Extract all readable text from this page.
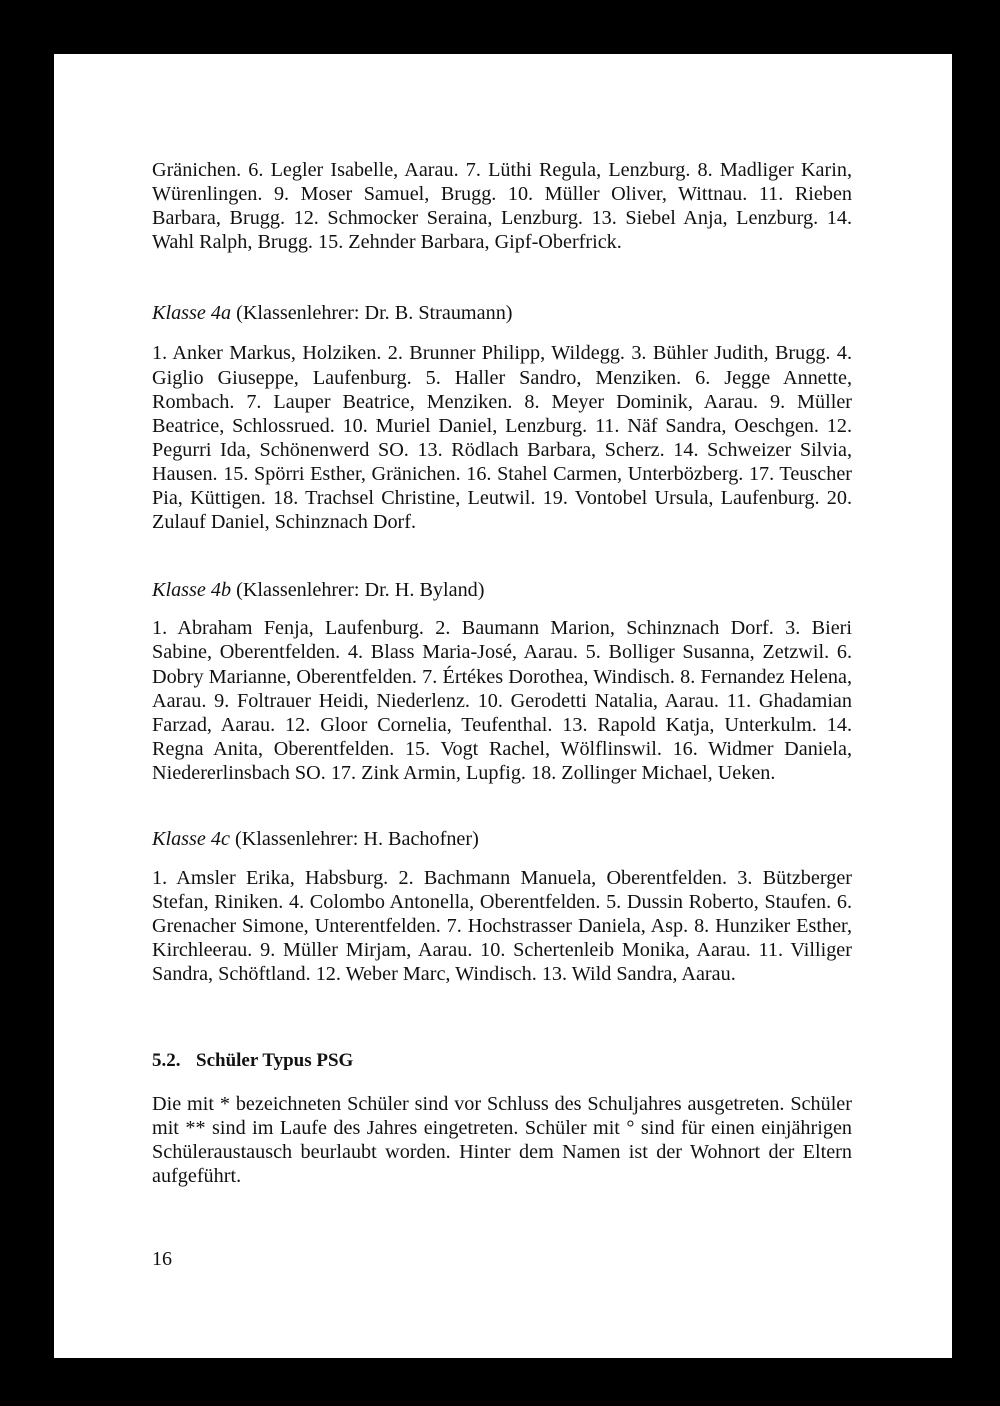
Gränichen. 6. Legler Isabelle, Aarau. 7. Lüthi Regula, Lenzburg. 8. Madliger Karin, Würenlingen. 9. Moser Samuel, Brugg. 10. Müller Oliver, Wittnau. 11. Rieben Barbara, Brugg. 12. Schmocker Seraina, Lenzburg. 13. Siebel Anja, Lenzburg. 14. Wahl Ralph, Brugg. 15. Zehnder Barbara, Gipf-Oberfrick.

Klasse 4a (Klassenlehrer: Dr. B. Straumann)

1. Anker Markus, Holziken. 2. Brunner Philipp, Wildegg. 3. Bühler Judith, Brugg. 4. Giglio Giuseppe, Laufenburg. 5. Haller Sandro, Menziken. 6. Jegge Annette, Rombach. 7. Lauper Beatrice, Menziken. 8. Meyer Dominik, Aarau. 9. Müller Beatrice, Schlossrued. 10. Muriel Daniel, Lenzburg. 11. Näf Sandra, Oeschgen. 12. Pegurri Ida, Schönenwerd SO. 13. Rödlach Barbara, Scherz. 14. Schweizer Silvia, Hausen. 15. Spörri Esther, Gränichen. 16. Stahel Carmen, Unterbözberg. 17. Teuscher Pia, Küttigen. 18. Trachsel Christine, Leutwil. 19. Vontobel Ursula, Laufenburg. 20. Zulauf Daniel, Schinznach Dorf.

Klasse 4b (Klassenlehrer: Dr. H. Byland)

1. Abraham Fenja, Laufenburg. 2. Baumann Marion, Schinznach Dorf. 3. Bieri Sabine, Oberentfelden. 4. Blass Maria-José, Aarau. 5. Bolliger Susanna, Zetzwil. 6. Dobry Marianne, Oberentfelden. 7. Értékes Dorothea, Windisch. 8. Fernandez Helena, Aarau. 9. Foltrauer Heidi, Niederlenz. 10. Gerodetti Natalia, Aarau. 11. Ghadamian Farzad, Aarau. 12. Gloor Cornelia, Teufenthal. 13. Rapold Katja, Unterkulm. 14. Regna Anita, Oberentfelden. 15. Vogt Rachel, Wölflinswil. 16. Widmer Daniela, Niedererlinsbach SO. 17. Zink Armin, Lupfig. 18. Zollinger Michael, Ueken.

Klasse 4c (Klassenlehrer: H. Bachofner)

1. Amsler Erika, Habsburg. 2. Bachmann Manuela, Oberentfelden. 3. Bützberger Stefan, Riniken. 4. Colombo Antonella, Oberentfelden. 5. Dussin Roberto, Staufen. 6. Grenacher Simone, Unterentfelden. 7. Hochstrasser Daniela, Asp. 8. Hunziker Esther, Kirchleerau. 9. Müller Mirjam, Aarau. 10. Schertenleib Monika, Aarau. 11. Villiger Sandra, Schöftland. 12. Weber Marc, Windisch. 13. Wild Sandra, Aarau.

5.2. Schüler Typus PSG

Die mit * bezeichneten Schüler sind vor Schluss des Schuljahres ausgetreten. Schüler mit ** sind im Laufe des Jahres eingetreten. Schüler mit ° sind für einen einjährigen Schüleraustausch beurlaubt worden. Hinter dem Namen ist der Wohnort der Eltern aufgeführt.

16
